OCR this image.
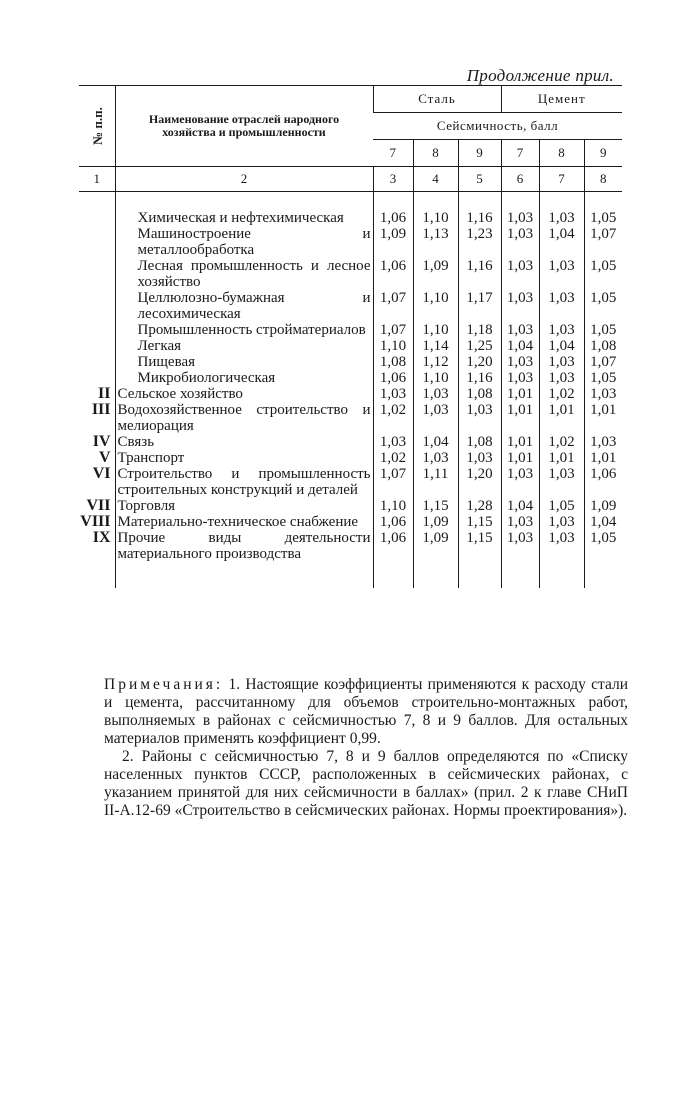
Продолжение прил.
№ п.п.	Наименование отраслей народного хозяйства и промышленности	Сталь			Цемент		
		Сейсмичность, балл					
		7	8	9	7	8	9
1	2	3	4	5	6	7	8
	Химическая и нефтехимическая	1,06	1,10	1,16	1,03	1,03	1,05
	Машиностроение и металлообработка	1,09	1,13	1,23	1,03	1,04	1,07
	Лесная промышленность и лесное хозяйство	1,06	1,09	1,16	1,03	1,03	1,05
	Целлюлозно-бумажная и лесохимическая	1,07	1,10	1,17	1,03	1,03	1,05
	Промышленность стройматериалов	1,07	1,10	1,18	1,03	1,03	1,05
	Легкая	1,10	1,14	1,25	1,04	1,04	1,08
	Пищевая	1,08	1,12	1,20	1,03	1,03	1,07
	Микробиологическая	1,06	1,10	1,16	1,03	1,03	1,05
II	Сельское хозяйство	1,03	1,03	1,08	1,01	1,02	1,03
III	Водохозяйственное строительство и мелиорация	1,02	1,03	1,03	1,01	1,01	1,01
IV	Связь	1,03	1,04	1,08	1,01	1,02	1,03
V	Транспорт	1,02	1,03	1,03	1,01	1,01	1,01
VI	Строительство и промышленность строительных конструкций и деталей	1,07	1,11	1,20	1,03	1,03	1,06
VII	Торговля	1,10	1,15	1,28	1,04	1,05	1,09
VIII	Материально-техническое снабжение	1,06	1,09	1,15	1,03	1,03	1,04
IX	Прочие виды деятельности материального производства	1,06	1,09	1,15	1,03	1,03	1,05

Примечания: 1. Настоящие коэффициенты применяются к расходу стали и цемента, рассчитанному для объемов строительно-монтажных работ, выполняемых в районах с сейсмичностью 7, 8 и 9 баллов. Для остальных материалов применять коэффициент 0,99.

2. Районы с сейсмичностью 7, 8 и 9 баллов определяются по «Списку населенных пунктов СССР, расположенных в сейсмических районах, с указанием принятой для них сейсмичности в баллах» (прил. 2 к главе СНиП II-А.12-69 «Строительство в сейсмических районах. Нормы проектирования»).
